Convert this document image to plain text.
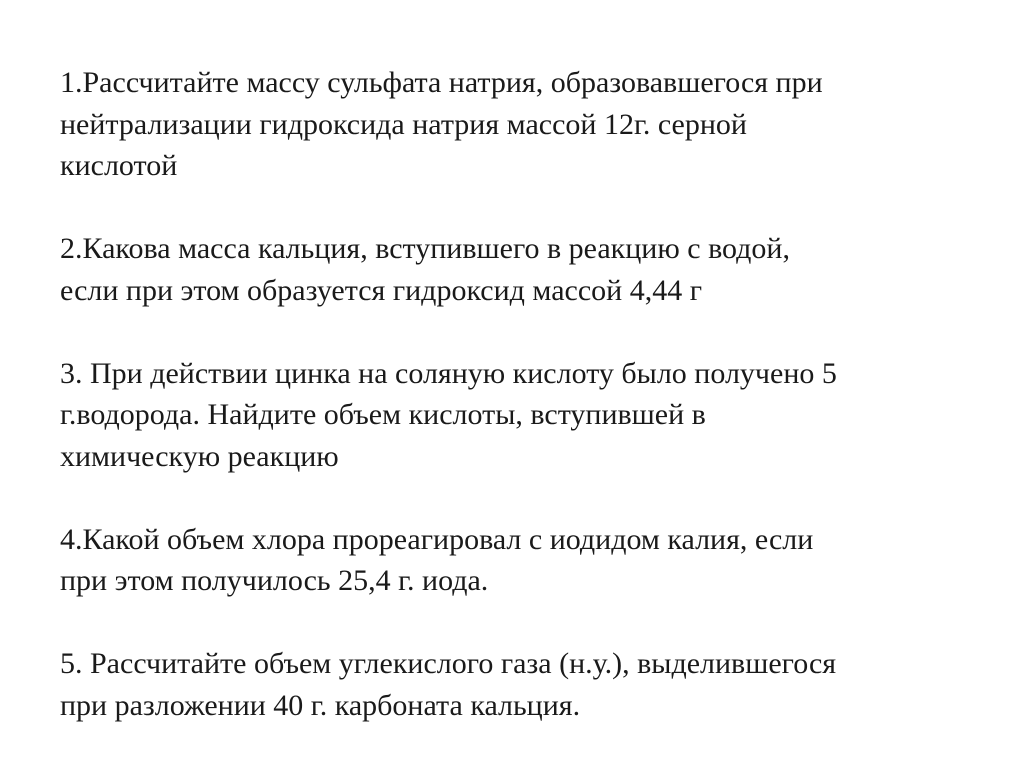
1.Рассчитайте массу сульфата натрия, образовавшегося при
нейтрализации гидроксида натрия массой 12г. серной
кислотой
2.Какова масса кальция, вступившего в реакцию с водой,
если при этом образуется гидроксид массой 4,44 г
3. При действии цинка на соляную кислоту было получено 5
г.водорода. Найдите объем кислоты, вступившей в
химическую реакцию
4.Какой объем хлора прореагировал с иодидом калия, если
при этом получилось 25,4 г. иода.
5. Рассчитайте объем углекислого газа (н.у.), выделившегося
при разложении 40 г. карбоната кальция.
